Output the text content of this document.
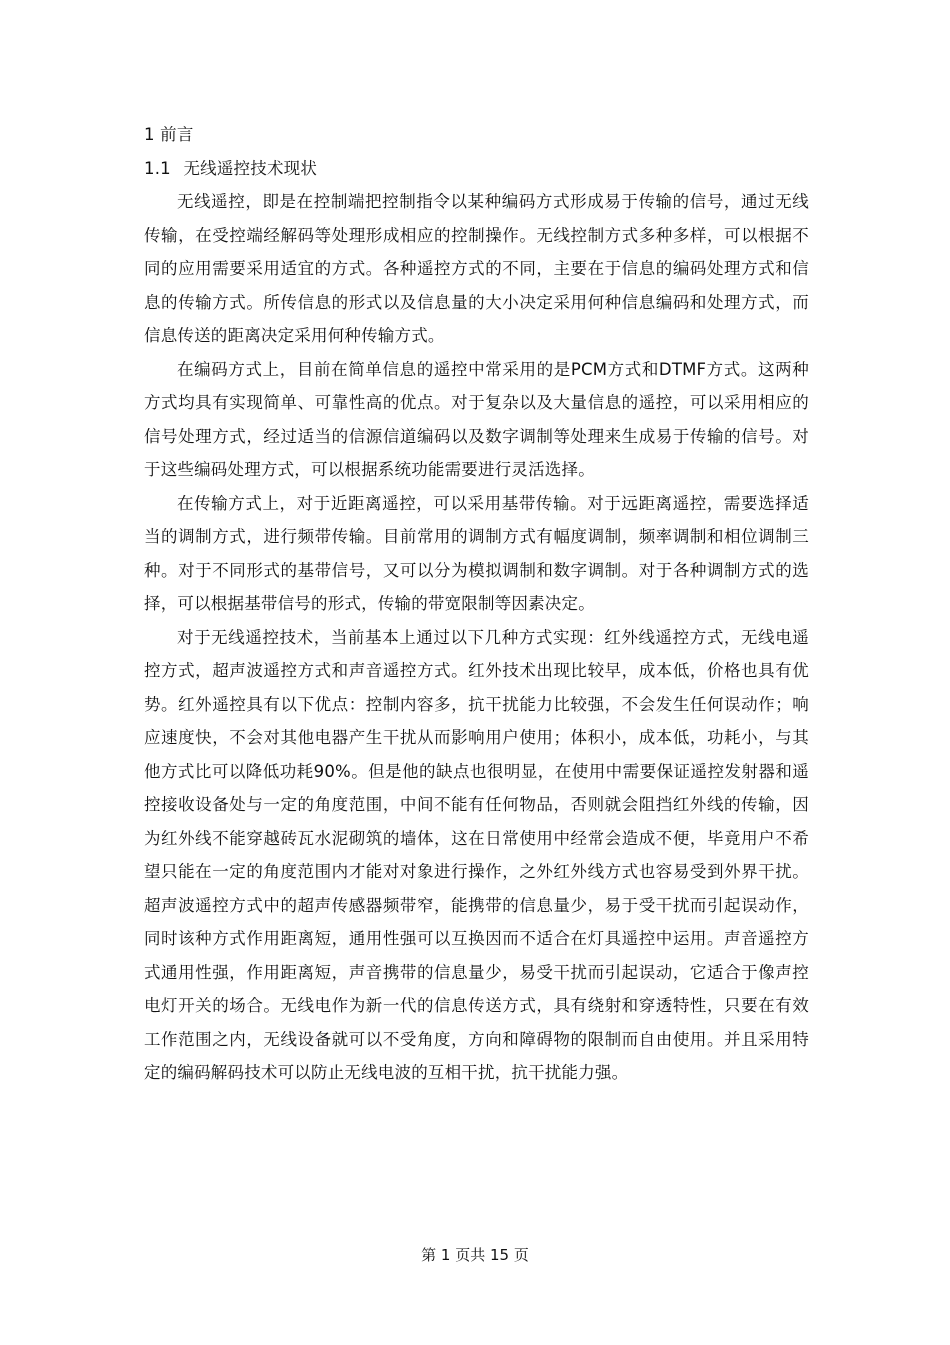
1 前言
1.1 无线遥控技术现状

无线遥控，即是在控制端把控制指令以某种编码方式形成易于传输的信号，通过无线传输，在受控端经解码等处理形成相应的控制操作。无线控制方式多种多样，可以根据不同的应用需要采用适宜的方式。各种遥控方式的不同，主要在于信息的编码处理方式和信息的传输方式。所传信息的形式以及信息量的大小决定采用何种信息编码和处理方式，而信息传送的距离决定采用何种传输方式。

在编码方式上，目前在简单信息的遥控中常采用的是PCM方式和DTMF方式。这两种方式均具有实现简单、可靠性高的优点。对于复杂以及大量信息的遥控，可以采用相应的信号处理方式，经过适当的信源信道编码以及数字调制等处理来生成易于传输的信号。对于这些编码处理方式，可以根据系统功能需要进行灵活选择。

在传输方式上，对于近距离遥控，可以采用基带传输。对于远距离遥控，需要选择适当的调制方式，进行频带传输。目前常用的调制方式有幅度调制，频率调制和相位调制三种。对于不同形式的基带信号，又可以分为模拟调制和数字调制。对于各种调制方式的选择，可以根据基带信号的形式，传输的带宽限制等因素决定。

对于无线遥控技术，当前基本上通过以下几种方式实现：红外线遥控方式，无线电遥控方式，超声波遥控方式和声音遥控方式。红外技术出现比较早，成本低，价格也具有优势。红外遥控具有以下优点：控制内容多，抗干扰能力比较强，不会发生任何误动作；响应速度快，不会对其他电器产生干扰从而影响用户使用；体积小，成本低，功耗小，与其他方式比可以降低功耗90%。但是他的缺点也很明显，在使用中需要保证遥控发射器和遥控接收设备处与一定的角度范围，中间不能有任何物品，否则就会阻挡红外线的传输，因为红外线不能穿越砖瓦水泥砌筑的墙体，这在日常使用中经常会造成不便，毕竟用户不希望只能在一定的角度范围内才能对对象进行操作，之外红外线方式也容易受到外界干扰。超声波遥控方式中的超声传感器频带窄，能携带的信息量少，易于受干扰而引起误动作，同时该种方式作用距离短，通用性强可以互换因而不适合在灯具遥控中运用。声音遥控方式通用性强，作用距离短，声音携带的信息量少，易受干扰而引起误动，它适合于像声控电灯开关的场合。无线电作为新一代的信息传送方式，具有绕射和穿透特性，只要在有效工作范围之内，无线设备就可以不受角度，方向和障碍物的限制而自由使用。并且采用特定的编码解码技术可以防止无线电波的互相干扰，抗干扰能力强。

第 1 页共 15 页
